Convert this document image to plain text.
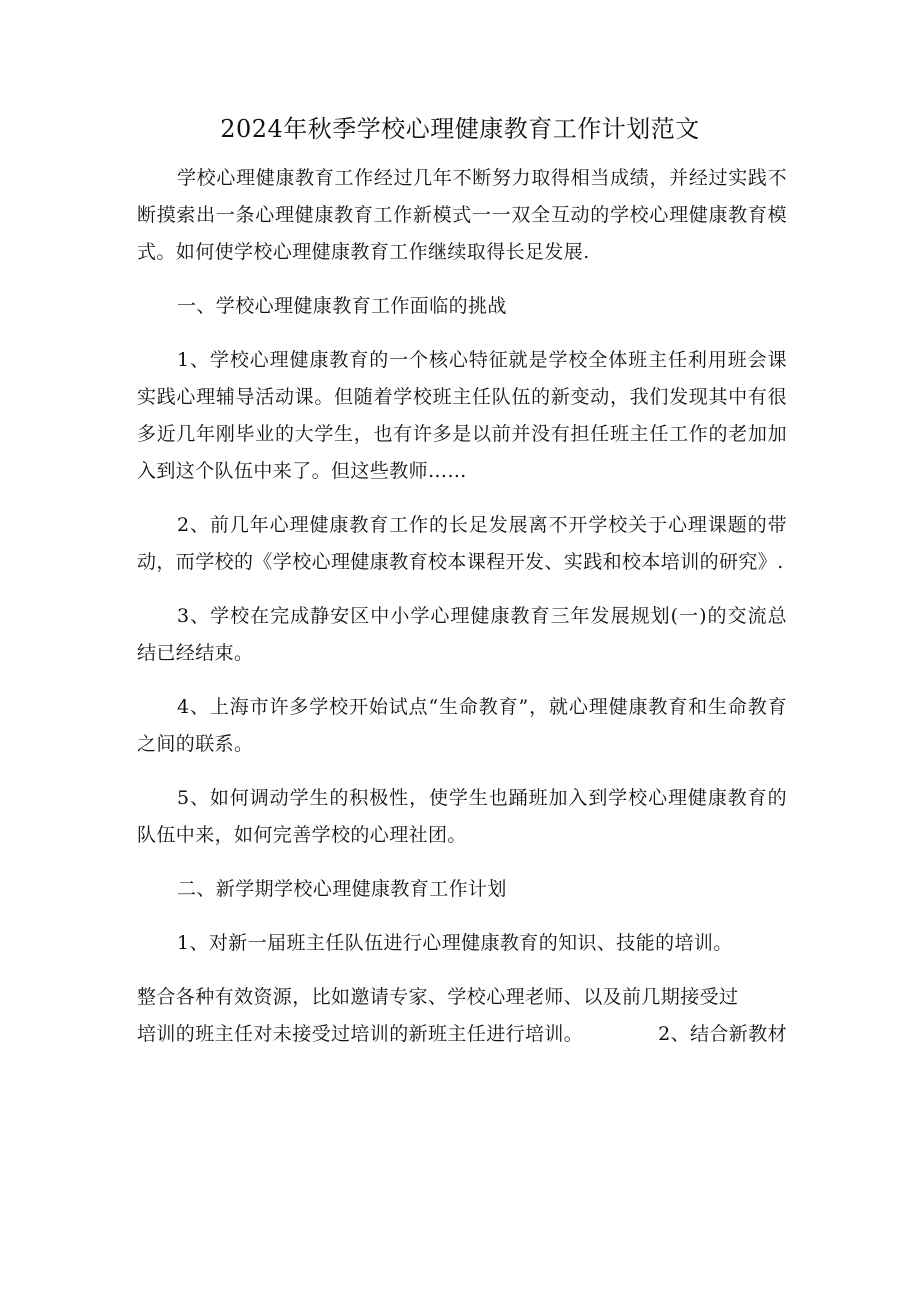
2024年秋季学校心理健康教育工作计划范文

学校心理健康教育工作经过几年不断努力取得相当成绩，并经过实践不断摸索出一条心理健康教育工作新模式一一双全互动的学校心理健康教育模式。如何使学校心理健康教育工作继续取得长足发展.

一、学校心理健康教育工作面临的挑战

1、学校心理健康教育的一个核心特征就是学校全体班主任利用班会课实践心理辅导活动课。但随着学校班主任队伍的新变动，我们发现其中有很多近几年刚毕业的大学生，也有许多是以前并没有担任班主任工作的老加加入到这个队伍中来了。但这些教师……

2、前几年心理健康教育工作的长足发展离不开学校关于心理课题的带动，而学校的《学校心理健康教育校本课程开发、实践和校本培训的研究》.

3、学校在完成静安区中小学心理健康教育三年发展规划(一)的交流总结已经结束。

4、上海市许多学校开始试点“生命教育”，就心理健康教育和生命教育之间的联系。

5、如何调动学生的积极性，使学生也踊班加入到学校心理健康教育的队伍中来，如何完善学校的心理社团。

二、新学期学校心理健康教育工作计划

1、对新一届班主任队伍进行心理健康教育的知识、技能的培训。

整合各种有效资源，比如邀请专家、学校心理老师、以及前几期接受过

培训的班主任对未接受过培训的新班主任进行培训。	2、结合新教材
